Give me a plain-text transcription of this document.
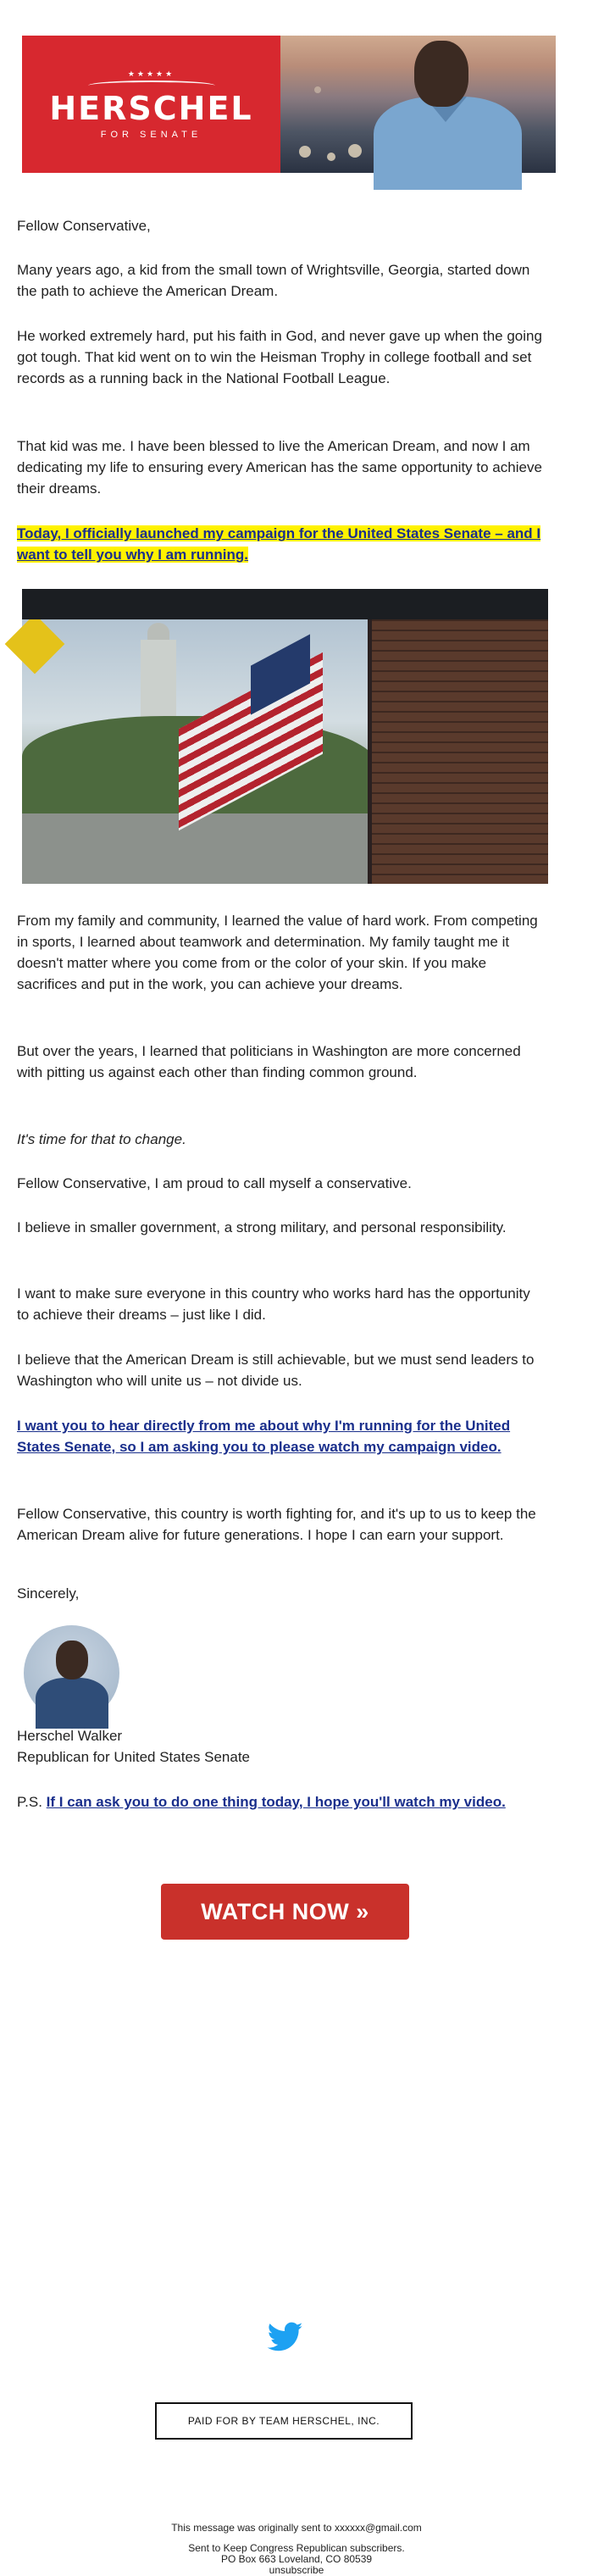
★★★★★
HERSCHEL
FOR SENATE

Fellow Conservative,

Many years ago, a kid from the small town of Wrightsville, Georgia, started down the path to achieve the American Dream.

He worked extremely hard, put his faith in God, and never gave up when the going got tough. That kid went on to win the Heisman Trophy in college football and set records as a running back in the National Football League.

That kid was me. I have been blessed to live the American Dream, and now I am dedicating my life to ensuring every American has the same opportunity to achieve their dreams.

Today, I officially launched my campaign for the United States Senate – and I want to tell you why I am running.

From my family and community, I learned the value of hard work. From competing in sports, I learned about teamwork and determination. My family taught me it doesn't matter where you come from or the color of your skin. If you make sacrifices and put in the work, you can achieve your dreams.

But over the years, I learned that politicians in Washington are more concerned with pitting us against each other than finding common ground.

It's time for that to change.

Fellow Conservative, I am proud to call myself a conservative.

I believe in smaller government, a strong military, and personal responsibility.

I want to make sure everyone in this country who works hard has the opportunity to achieve their dreams – just like I did.

I believe that the American Dream is still achievable, but we must send leaders to Washington who will unite us – not divide us.

I want you to hear directly from me about why I'm running for the United States Senate, so I am asking you to please watch my campaign video.

Fellow Conservative, this country is worth fighting for, and it's up to us to keep the American Dream alive for future generations. I hope I can earn your support.

Sincerely,

Herschel Walker

Republican for United States Senate

P.S. If I can ask you to do one thing today, I hope you'll watch my video.

WATCH NOW »
PAID FOR BY TEAM HERSCHEL, INC.
This message was originally sent to xxxxxx@gmail.com
Sent to Keep Congress Republican subscribers.
PO Box 663 Loveland, CO 80539
unsubscribe
